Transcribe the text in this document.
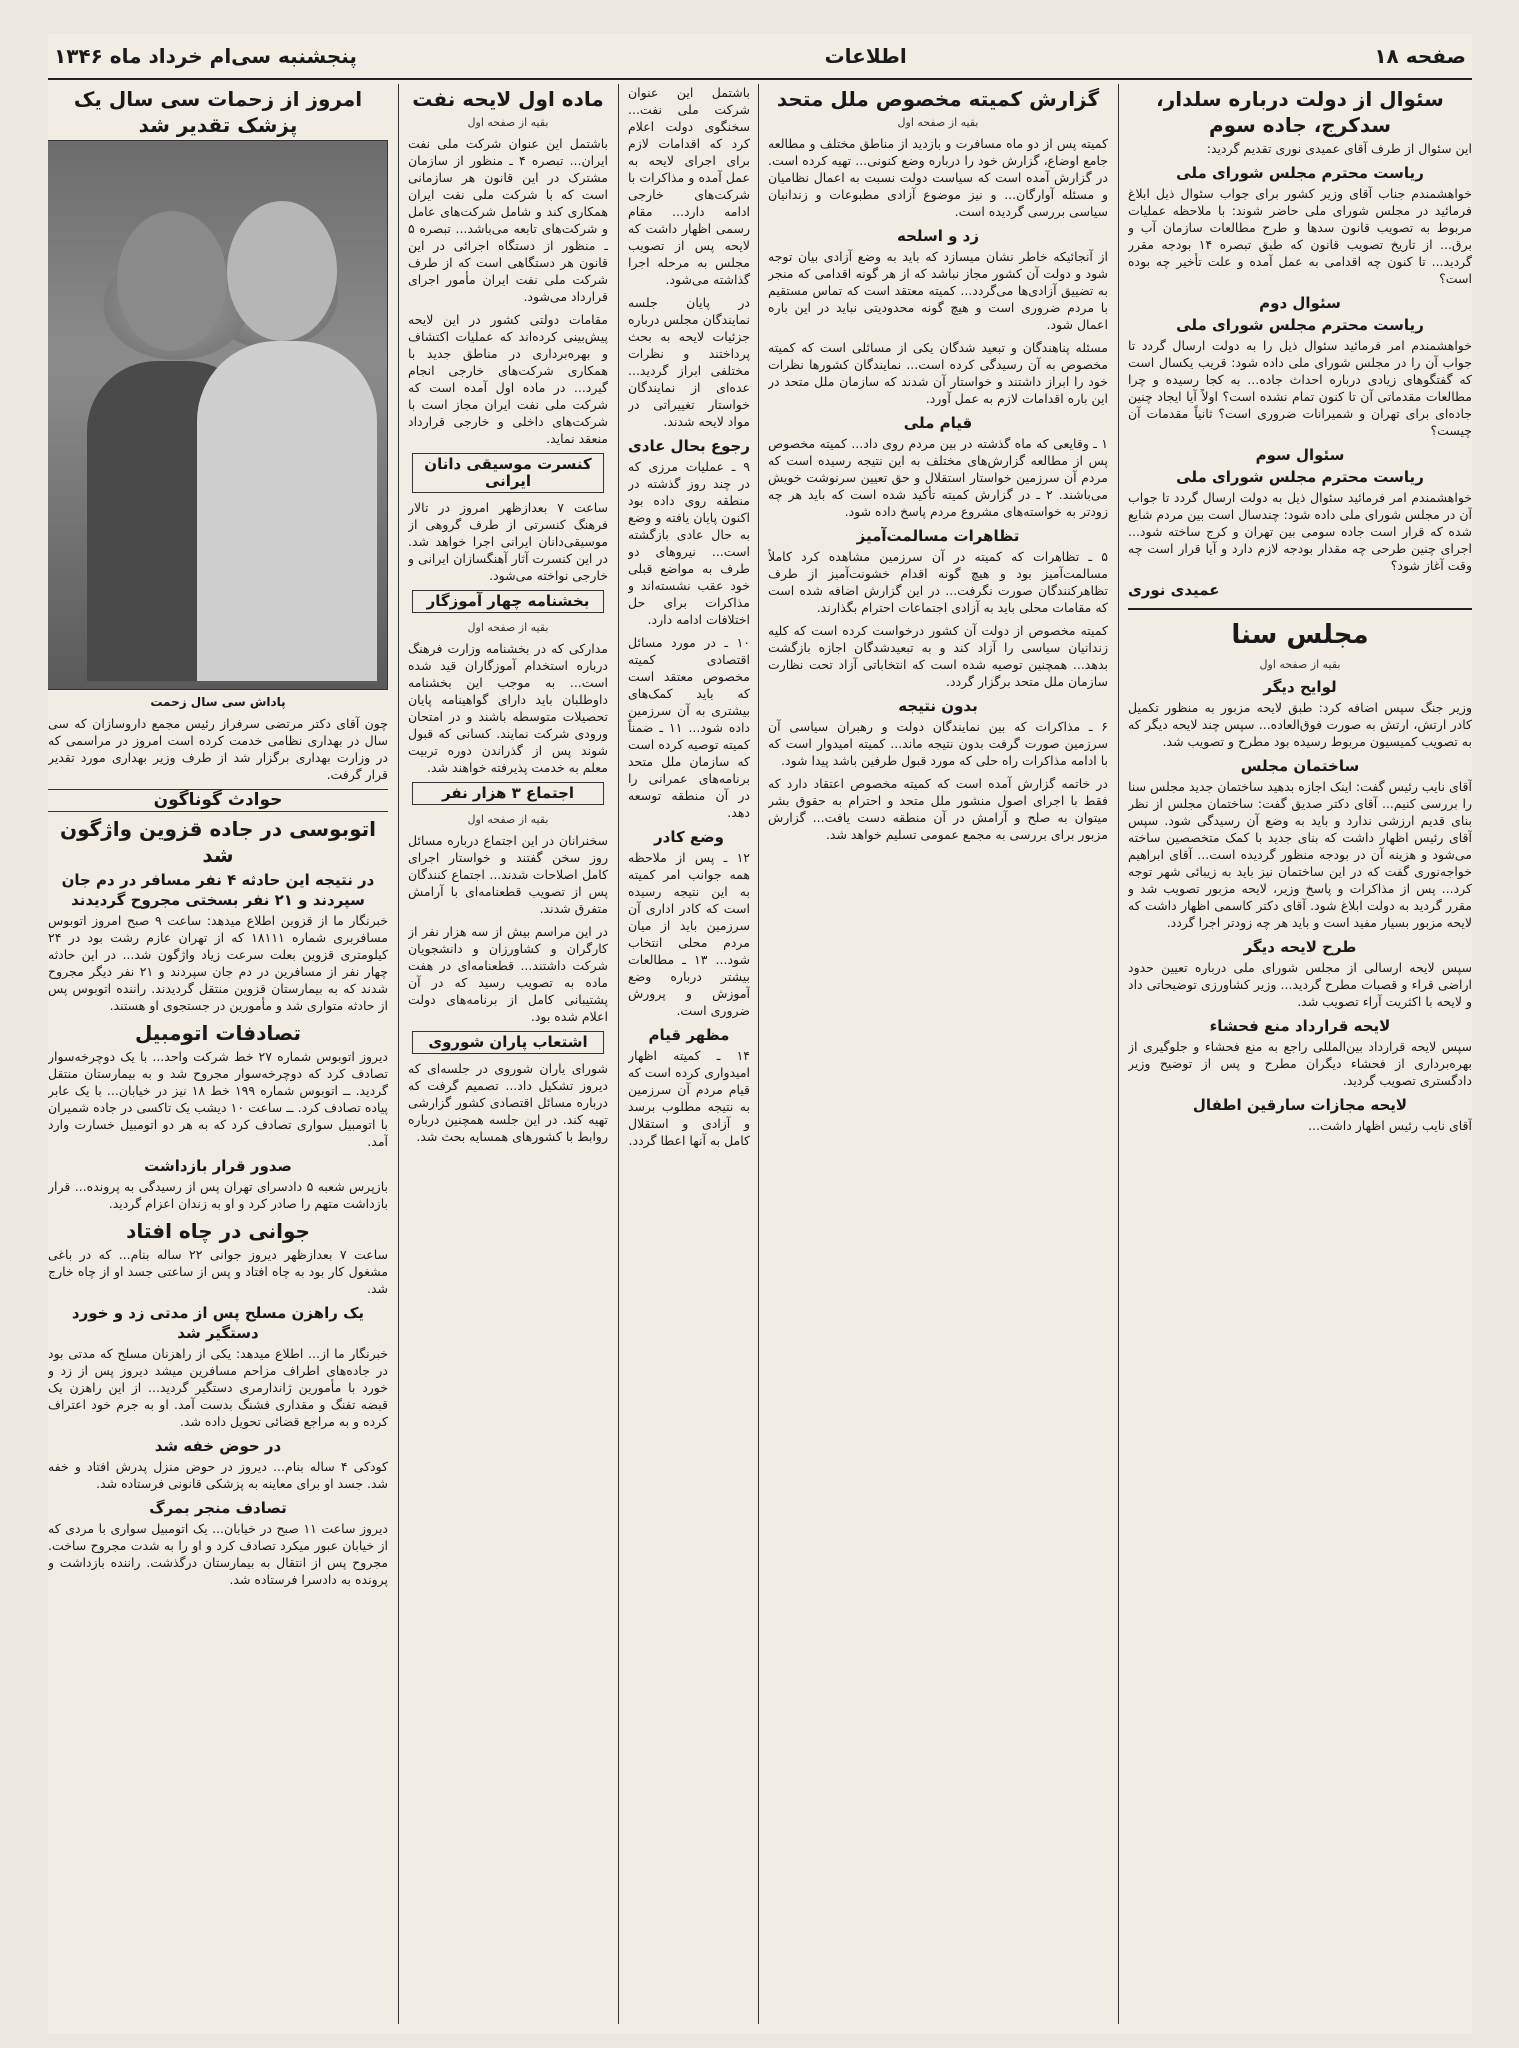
صفحه ۱۸
اطلاعات
پنجشنبه سی‌ام خرداد ماه ۱۳۴۶
سئوال از دولت درباره سلدار، سدکرج، جاده سوم

این سئوال از طرف آقای عمیدی نوری تقدیم گردید:

ریاست محترم مجلس شورای ملی

خواهشمندم جناب آقای وزیر کشور برای جواب سئوال ذیل ابلاغ فرمائید در مجلس شورای ملی حاضر شوند: با ملاحظه عملیات مربوط به تصویب قانون سدها و طرح مطالعات سازمان آب و برق... از تاریخ تصویب قانون که طبق تبصره ۱۴ بودجه مقرر گردید... تا کنون چه اقدامی به عمل آمده و علت تأخیر چه بوده است؟

سئوال دوم
ریاست محترم مجلس شورای ملی

خواهشمندم امر فرمائید سئوال ذیل را به دولت ارسال گردد تا جواب آن را در مجلس شورای ملی داده شود: قریب یکسال است که گفتگوهای زیادی درباره احداث جاده... به کجا رسیده و چرا مطالعات مقدماتی آن تا کنون تمام نشده است؟ اولاً آیا ایجاد چنین جاده‌ای برای تهران و شمیرانات ضروری است؟ ثانیاً مقدمات آن چیست؟

سئوال سوم
ریاست محترم مجلس شورای ملی

خواهشمندم امر فرمائید سئوال ذیل به دولت ارسال گردد تا جواب آن در مجلس شورای ملی داده شود: چندسال است بین مردم شایع شده که قرار است جاده سومی بین تهران و کرج ساخته شود... اجرای چنین طرحی چه مقدار بودجه لازم دارد و آیا قرار است چه وقت آغاز شود؟

عمیدی نوری
مجلس سنا
بقیه از صفحه اول
لوایح دیگر

وزیر جنگ سپس اضافه کرد: طبق لایحه مزبور به منظور تکمیل کادر ارتش، ارتش به صورت فوق‌العاده... سپس چند لایحه دیگر که به تصویب کمیسیون مربوط رسیده بود مطرح و تصویب شد.

ساختمان مجلس

آقای نایب رئیس گفت: اینک اجازه بدهید ساختمان جدید مجلس سنا را بررسی کنیم... آقای دکتر صدیق گفت: ساختمان مجلس از نظر بنای قدیم ارزشی ندارد و باید به وضع آن رسیدگی شود. سپس آقای رئیس اظهار داشت که بنای جدید با کمک متخصصین ساخته می‌شود و هزینه آن در بودجه منظور گردیده است... آقای ابراهیم خواجه‌نوری گفت که در این ساختمان نیز باید به زیبائی شهر توجه کرد... پس از مذاکرات و پاسخ وزیر، لایحه مزبور تصویب شد و مقرر گردید به دولت ابلاغ شود. آقای دکتر کاسمی اظهار داشت که لایحه مزبور بسیار مفید است و باید هر چه زودتر اجرا گردد.

طرح لایحه دیگر

سپس لایحه ارسالی از مجلس شورای ملی درباره تعیین حدود اراضی قراء و قصبات مطرح گردید... وزیر کشاورزی توضیحاتی داد و لایحه با اکثریت آراء تصویب شد.

لایحه قرارداد منع فحشاء

سپس لایحه قرارداد بین‌المللی راجع به منع فحشاء و جلوگیری از بهره‌برداری از فحشاء دیگران مطرح و پس از توضیح وزیر دادگستری تصویب گردید.

لایحه مجازات سارقین اطفال

آقای نایب رئیس اظهار داشت...

گزارش کمیته مخصوص ملل متحد
بقیه از صفحه اول

کمیته پس از دو ماه مسافرت و بازدید از مناطق مختلف و مطالعه جامع اوضاع، گزارش خود را درباره وضع کنونی... تهیه کرده است. در گزارش آمده است که سیاست دولت نسبت به اعمال نظامیان و مسئله آوارگان... و نیز موضوع آزادی مطبوعات و زندانیان سیاسی بررسی گردیده است.

زد و اسلحه

از آنجائیکه خاطر نشان میسازد که باید به وضع آزادی بیان توجه شود و دولت آن کشور مجاز نباشد که از هر گونه اقدامی که منجر به تضییق آزادی‌ها می‌گردد... کمیته معتقد است که تماس مستقیم با مردم ضروری است و هیچ گونه محدودیتی نباید در این باره اعمال شود.

مسئله پناهندگان و تبعید شدگان یکی از مسائلی است که کمیته مخصوص به آن رسیدگی کرده است... نمایندگان کشورها نظرات خود را ابراز داشتند و خواستار آن شدند که سازمان ملل متحد در این باره اقدامات لازم به عمل آورد.

قیام ملی

۱ ـ وقایعی که ماه گذشته در بین مردم روی داد... کمیته مخصوص پس از مطالعه گزارش‌های مختلف به این نتیجه رسیده است که مردم آن سرزمین خواستار استقلال و حق تعیین سرنوشت خویش می‌باشند. ۲ ـ در گزارش کمیته تأکید شده است که باید هر چه زودتر به خواسته‌های مشروع مردم پاسخ داده شود.

تظاهرات مسالمت‌آمیز

۵ ـ تظاهرات که کمیته در آن سرزمین مشاهده کرد کاملاً مسالمت‌آمیز بود و هیچ گونه اقدام خشونت‌آمیز از طرف تظاهرکنندگان صورت نگرفت... در این گزارش اضافه شده است که مقامات محلی باید به آزادی اجتماعات احترام بگذارند.

کمیته مخصوص از دولت آن کشور درخواست کرده است که کلیه زندانیان سیاسی را آزاد کند و به تبعیدشدگان اجازه بازگشت بدهد... همچنین توصیه شده است که انتخاباتی آزاد تحت نظارت سازمان ملل متحد برگزار گردد.

بدون نتیجه

۶ ـ مذاکرات که بین نمایندگان دولت و رهبران سیاسی آن سرزمین صورت گرفت بدون نتیجه ماند... کمیته امیدوار است که با ادامه مذاکرات راه حلی که مورد قبول طرفین باشد پیدا شود.

در خاتمه گزارش آمده است که کمیته مخصوص اعتقاد دارد که فقط با اجرای اصول منشور ملل متحد و احترام به حقوق بشر میتوان به صلح و آرامش در آن منطقه دست یافت... گزارش مزبور برای بررسی به مجمع عمومی تسلیم خواهد شد.

باشتمل این عنوان شرکت ملی نفت... سخنگوی دولت اعلام کرد که اقدامات لازم برای اجرای لایحه به عمل آمده و مذاکرات با شرکت‌های خارجی ادامه دارد... مقام رسمی اظهار داشت که لایحه پس از تصویب مجلس به مرحله اجرا گذاشته می‌شود.

در پایان جلسه نمایندگان مجلس درباره جزئیات لایحه به بحث پرداختند و نظرات مختلفی ابراز گردید... عده‌ای از نمایندگان خواستار تغییراتی در مواد لایحه شدند.

رجوع بحال عادی

۹ ـ عملیات مرزی که در چند روز گذشته در منطقه روی داده بود اکنون پایان یافته و وضع به حال عادی بازگشته است... نیروهای دو طرف به مواضع قبلی خود عقب نشسته‌اند و مذاکرات برای حل اختلافات ادامه دارد.

۱۰ ـ در مورد مسائل اقتصادی کمیته مخصوص معتقد است که باید کمک‌های بیشتری به آن سرزمین داده شود... ۱۱ ـ ضمناً کمیته توصیه کرده است که سازمان ملل متحد برنامه‌های عمرانی را در آن منطقه توسعه دهد.

وضع کادر

۱۲ ـ پس از ملاحظه همه جوانب امر کمیته به این نتیجه رسیده است که کادر اداری آن سرزمین باید از میان مردم محلی انتخاب شود... ۱۳ ـ مطالعات بیشتر درباره وضع آموزش و پرورش ضروری است.

مظهر قیام

۱۴ ـ کمیته اظهار امیدواری کرده است که قیام مردم آن سرزمین به نتیجه مطلوب برسد و آزادی و استقلال کامل به آنها اعطا گردد.

ماده اول لایحه نفت
بقیه از صفحه اول

باشتمل این عنوان شرکت ملی نفت ایران... تبصره ۴ ـ منظور از سازمان مشترک در این قانون هر سازمانی است که با شرکت ملی نفت ایران همکاری کند و شامل شرکت‌های عامل و شرکت‌های تابعه می‌باشد... تبصره ۵ ـ منظور از دستگاه اجرائی در این قانون هر دستگاهی است که از طرف شرکت ملی نفت ایران مأمور اجرای قرارداد می‌شود.

مقامات دولتی کشور در این لایحه پیش‌بینی کرده‌اند که عملیات اکتشاف و بهره‌برداری در مناطق جدید با همکاری شرکت‌های خارجی انجام گیرد... در ماده اول آمده است که شرکت ملی نفت ایران مجاز است با شرکت‌های داخلی و خارجی قرارداد منعقد نماید.

کنسرت موسیقی دانان ایرانی

ساعت ۷ بعدازظهر امروز در تالار فرهنگ کنسرتی از طرف گروهی از موسیقی‌دانان ایرانی اجرا خواهد شد. در این کنسرت آثار آهنگسازان ایرانی و خارجی نواخته می‌شود.

بخشنامه چهار آموزگار
بقیه از صفحه اول

مدارکی که در بخشنامه وزارت فرهنگ درباره استخدام آموزگاران قید شده است... به موجب این بخشنامه داوطلبان باید دارای گواهینامه پایان تحصیلات متوسطه باشند و در امتحان ورودی شرکت نمایند. کسانی که قبول شوند پس از گذراندن دوره تربیت معلم به خدمت پذیرفته خواهند شد.

اجتماع ۳ هزار نفر
بقیه از صفحه اول

سخنرانان در این اجتماع درباره مسائل روز سخن گفتند و خواستار اجرای کامل اصلاحات شدند... اجتماع کنندگان پس از تصویب قطعنامه‌ای با آرامش متفرق شدند.

در این مراسم بیش از سه هزار نفر از کارگران و کشاورزان و دانشجویان شرکت داشتند... قطعنامه‌ای در هفت ماده به تصویب رسید که در آن پشتیبانی کامل از برنامه‌های دولت اعلام شده بود.

اشتعاب پاران شوروی

شورای یاران شوروی در جلسه‌ای که دیروز تشکیل داد... تصمیم گرفت که درباره مسائل اقتصادی کشور گزارشی تهیه کند. در این جلسه همچنین درباره روابط با کشورهای همسایه بحث شد.

امروز از زحمات سی سال یک پزشک تقدیر شد
پاداش سی سال زحمت

چون آقای دکتر مرتضی سرفراز رئیس مجمع داروسازان که سی سال در بهداری نظامی خدمت کرده است امروز در مراسمی که در وزارت بهداری برگزار شد از طرف وزیر بهداری مورد تقدیر قرار گرفت.

حوادث گوناگون
اتوبوسی در جاده قزوین واژگون شد
در نتیجه این حادثه ۴ نفر مسافر در دم جان سپردند و ۲۱ نفر بسختی مجروح گردیدند

خبرنگار ما از قزوین اطلاع میدهد: ساعت ۹ صبح امروز اتوبوس مسافربری شماره ۱۸۱۱۱ که از تهران عازم رشت بود در ۲۴ کیلومتری قزوین بعلت سرعت زیاد واژگون شد... در این حادثه چهار نفر از مسافرین در دم جان سپردند و ۲۱ نفر دیگر مجروح شدند که به بیمارستان قزوین منتقل گردیدند. راننده اتوبوس پس از حادثه متواری شد و مأمورین در جستجوی او هستند.

تصادفات اتومبیل

دیروز اتوبوس شماره ۲۷ خط شرکت واحد... با یک دوچرخه‌سوار تصادف کرد که دوچرخه‌سوار مجروح شد و به بیمارستان منتقل گردید. ــ اتوبوس شماره ۱۹۹ خط ۱۸ نیز در خیابان... با یک عابر پیاده تصادف کرد. ــ ساعت ۱۰ دیشب یک تاکسی در جاده شمیران با اتومبیل سواری تصادف کرد که به هر دو اتومبیل خسارت وارد آمد.

صدور قرار بازداشت

بازپرس شعبه ۵ دادسرای تهران پس از رسیدگی به پرونده... قرار بازداشت متهم را صادر کرد و او به زندان اعزام گردید.

جوانی در چاه افتاد

ساعت ۷ بعدازظهر دیروز جوانی ۲۲ ساله بنام... که در باغی مشغول کار بود به چاه افتاد و پس از ساعتی جسد او از چاه خارج شد.

یک راهزن مسلح پس از مدتی زد و خورد دستگیر شد

خبرنگار ما از... اطلاع میدهد: یکی از راهزنان مسلح که مدتی بود در جاده‌های اطراف مزاحم مسافرین میشد دیروز پس از زد و خورد با مأمورین ژاندارمری دستگیر گردید... از این راهزن یک قبضه تفنگ و مقداری فشنگ بدست آمد. او به جرم خود اعتراف کرده و به مراجع قضائی تحویل داده شد.

در حوض خفه شد

کودکی ۴ ساله بنام... دیروز در حوض منزل پدرش افتاد و خفه شد. جسد او برای معاینه به پزشکی قانونی فرستاده شد.

تصادف منجر بمرگ

دیروز ساعت ۱۱ صبح در خیابان... یک اتومبیل سواری با مردی که از خیابان عبور میکرد تصادف کرد و او را به شدت مجروح ساخت. مجروح پس از انتقال به بیمارستان درگذشت. راننده بازداشت و پرونده به دادسرا فرستاده شد.
